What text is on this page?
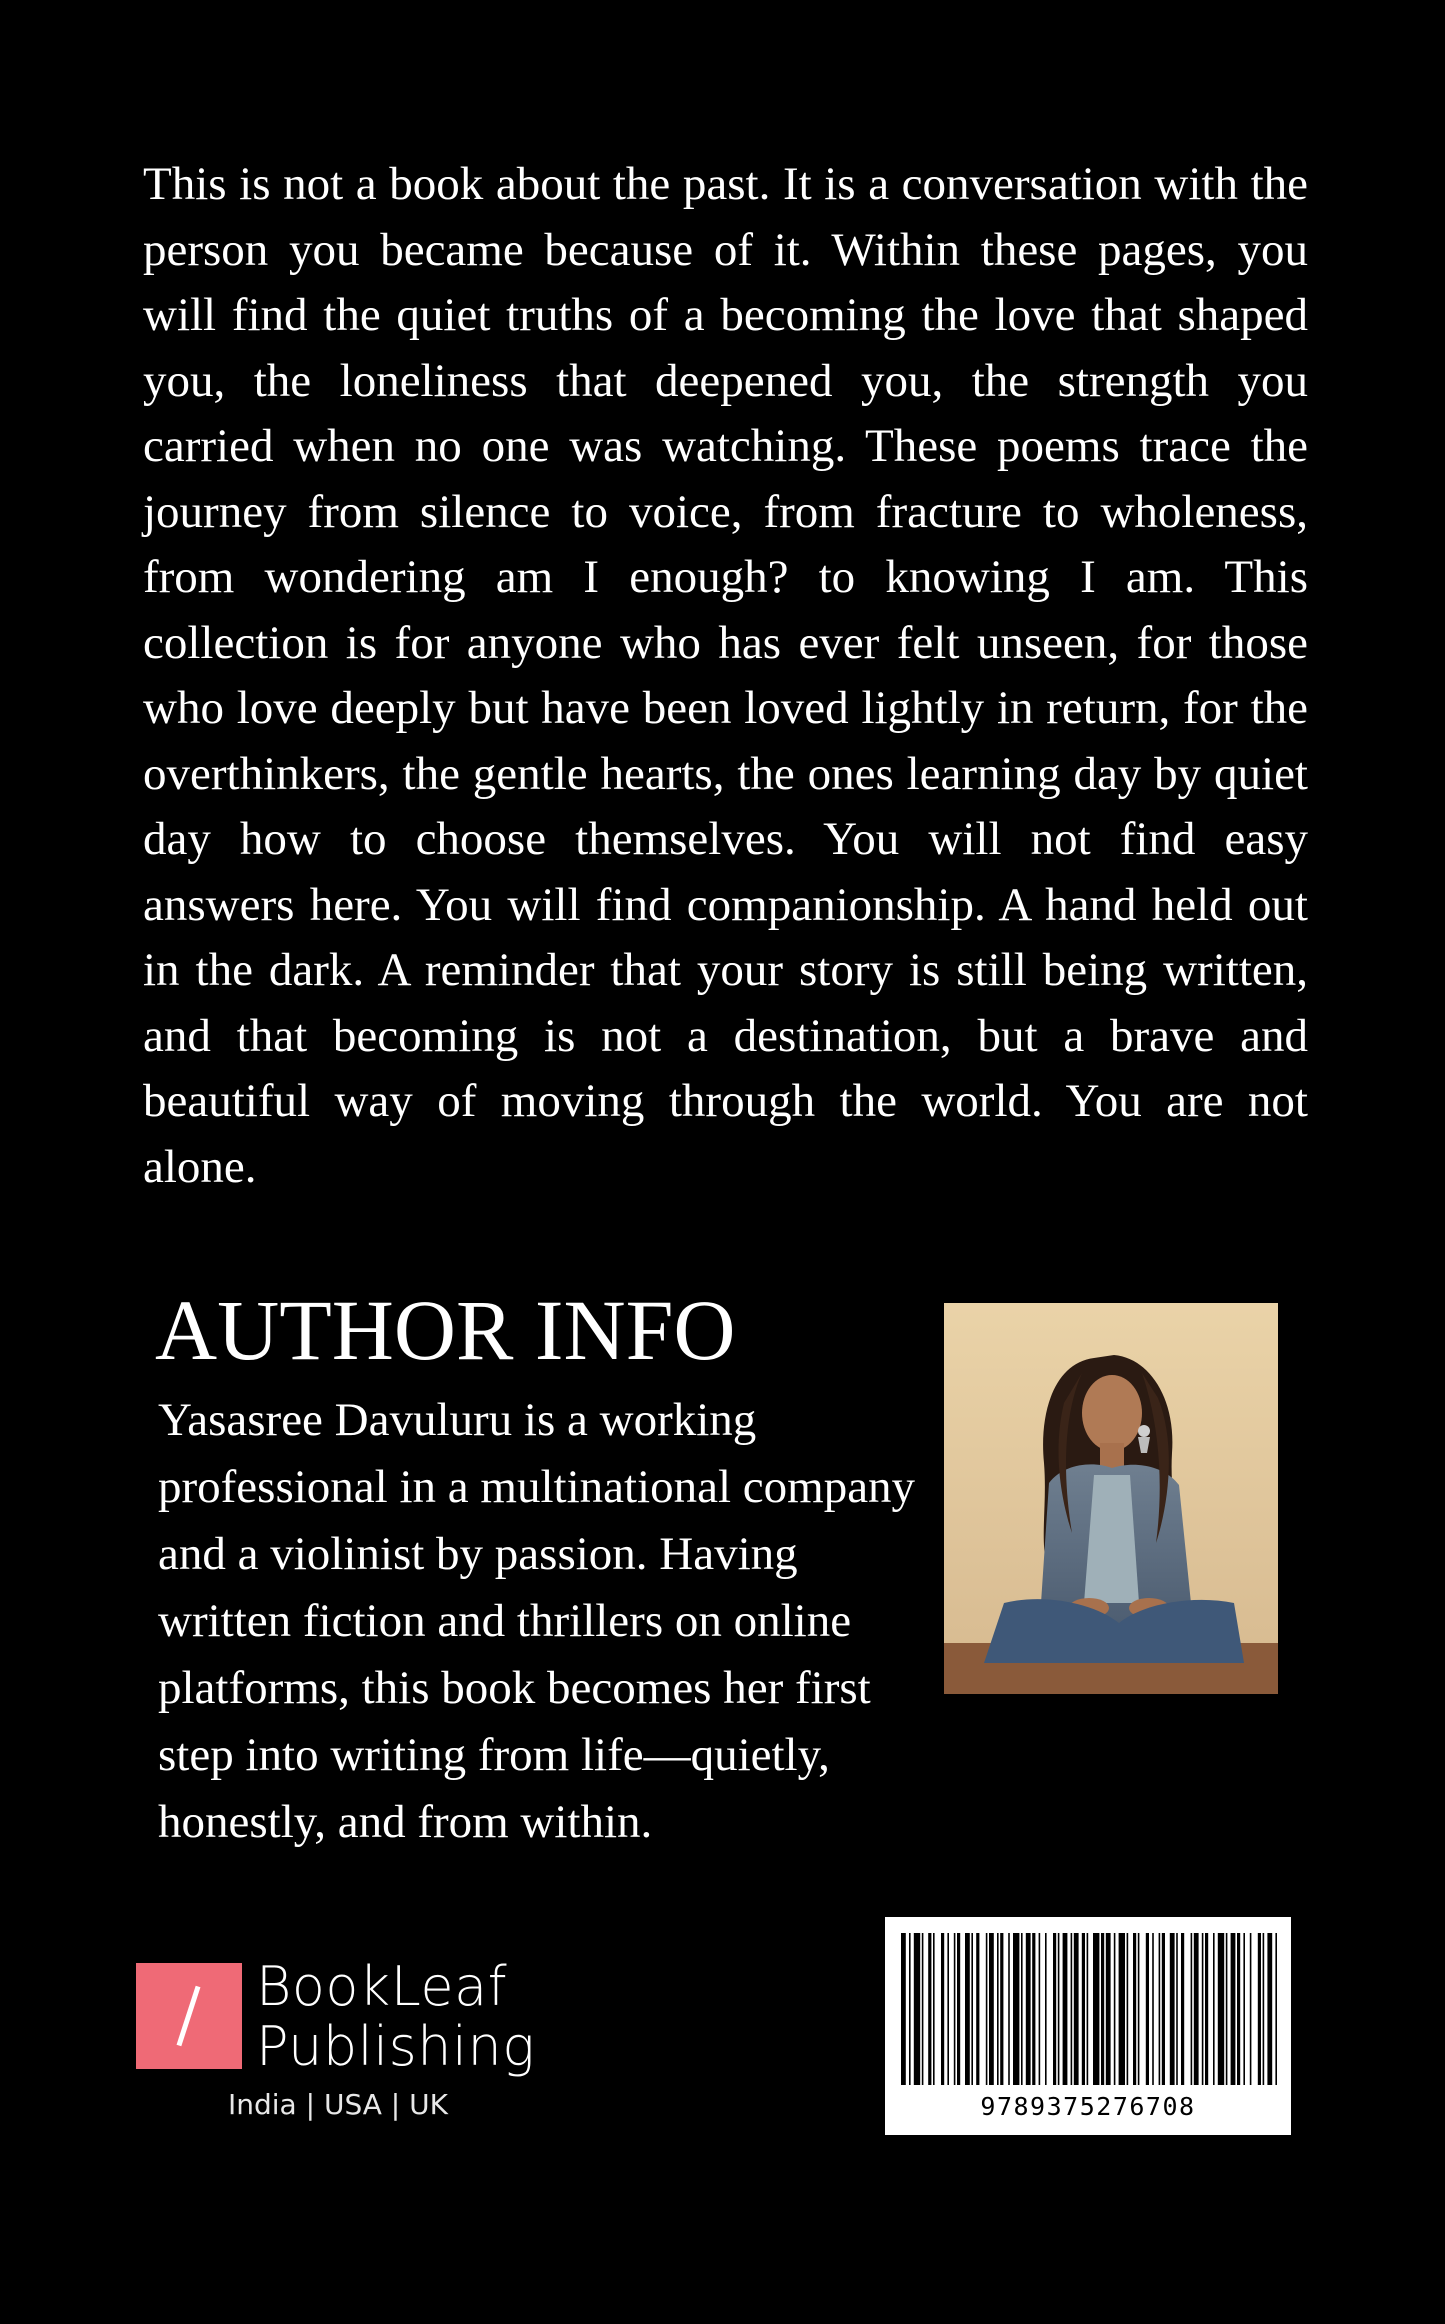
This is not a book about the past. It is a conversation with the person you became because of it. Within these pages, you will find the quiet truths of a becoming the love that shaped you, the loneliness that deepened you, the strength you carried when no one was watching. These poems trace the journey from silence to voice, from fracture to wholeness, from wondering am I enough? to knowing I am. This collection is for anyone who has ever felt unseen, for those who love deeply but have been loved lightly in return, for the overthinkers, the gentle hearts, the ones learning day by quiet day how to choose themselves. You will not find easy answers here. You will find companionship. A hand held out in the dark. A reminder that your story is still being written, and that becoming is not a destination, but a brave and beautiful way of moving through the world. You are not alone.

AUTHOR INFO

Yasasree Davuluru is a working professional in a multinational company and a violinist by passion. Having written fiction and thrillers on online platforms, this book becomes her first step into writing from life—quietly, honestly, and from within.

BookLeaf
Publishing
India | USA | UK	9789375276708
